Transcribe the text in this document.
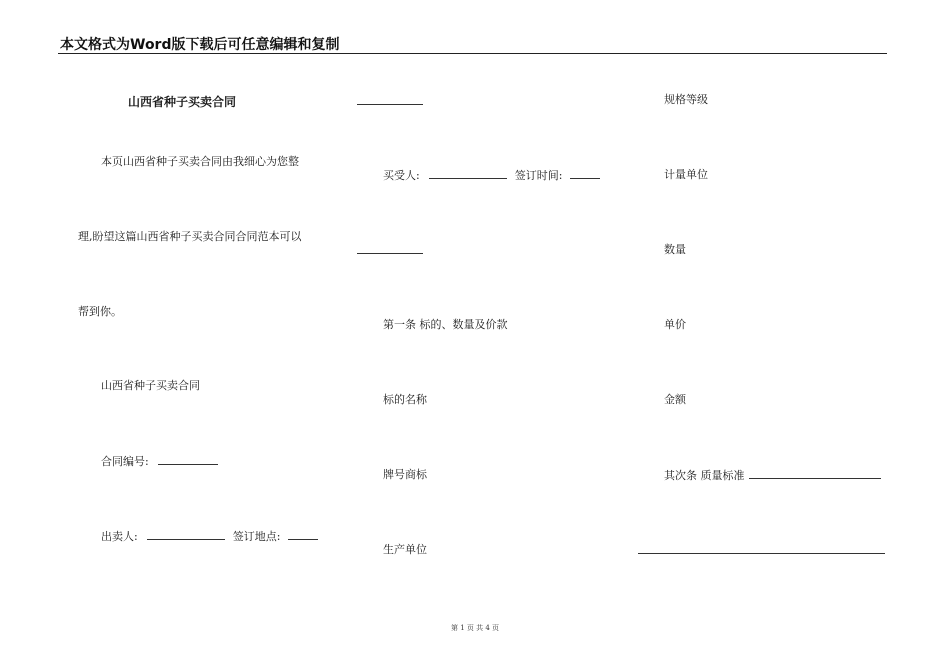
本文格式为Word版下载后可任意编辑和复制
山西省种子买卖合同
本页山西省种子买卖合同由我细心为您整
理,盼望这篇山西省种子买卖合同合同范本可以
帮到你。
山西省种子买卖合同
合同编号:
出卖人:	签订地点:
买受人:	签订时间:
第一条 标的、数量及价款
标的名称
牌号商标
生产单位
规格等级
计量单位
数量
单价
金额
其次条 质量标准
第 1 页 共 4 页
